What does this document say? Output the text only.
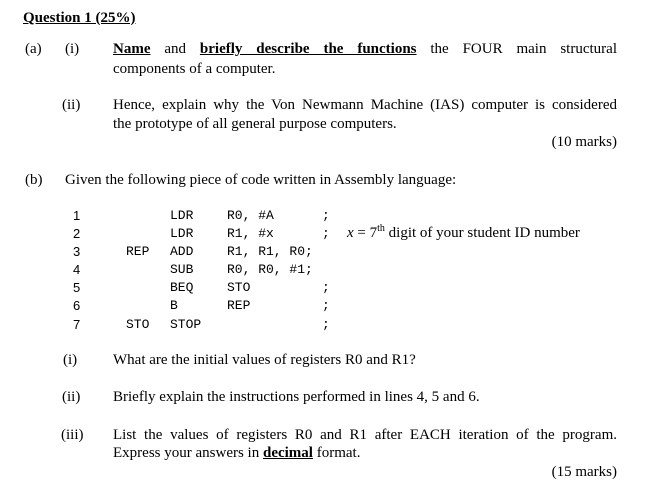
Question 1 (25%)
(a) (i) Name and briefly describe the functions the FOUR main structural
components of a computer.
(ii) Hence, explain why the Von Newmann Machine (IAS) computer is considered
the prototype of all general purpose computers.
(10 marks)
(b) Given the following piece of code written in Assembly language:
1	LDR	R0, #A	;
2	LDR	R1, #x	;
3	REP ADD	R1, R1, R0;
4	SUB	R0, R0, #1;
5	BEQ	STO	;
6	B	REP	;
7	STO STOP	;
x = 7th digit of your student ID number
(i) What are the initial values of registers R0 and R1?
(ii) Briefly explain the instructions performed in lines 4, 5 and 6.
(iii) List the values of registers R0 and R1 after EACH iteration of the program.
Express your answers in decimal format.
(15 marks)
